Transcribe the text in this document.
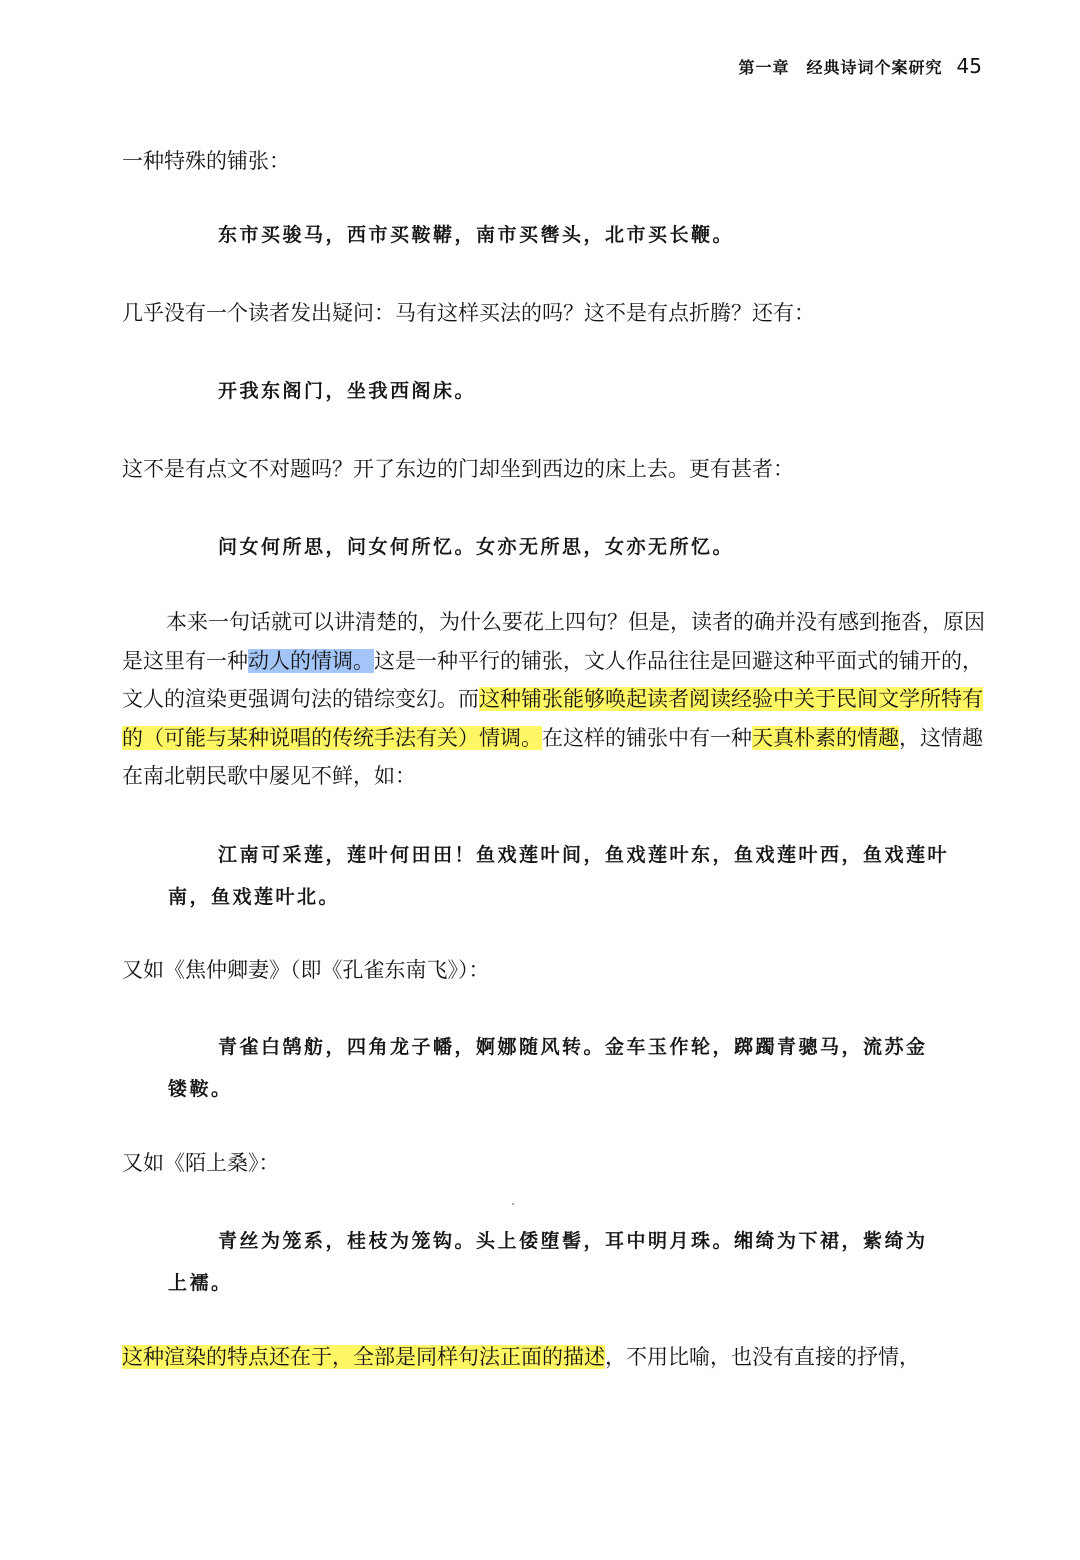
第一章　经典诗词个案研究 45
一种特殊的铺张：
东市买骏马，西市买鞍鞯，南市买辔头，北市买长鞭。
几乎没有一个读者发出疑问：马有这样买法的吗？这不是有点折腾？还有：
开我东阁门，坐我西阁床。
这不是有点文不对题吗？开了东边的门却坐到西边的床上去。更有甚者：
问女何所思，问女何所忆。女亦无所思，女亦无所忆。
本来一句话就可以讲清楚的，为什么要花上四句？但是，读者的确并没有感到拖沓，原因是这里有一种动人的情调。这是一种平行的铺张，文人作品往往是回避这种平面式的铺开的，文人的渲染更强调句法的错综变幻。而这种铺张能够唤起读者阅读经验中关于民间文学所特有的（可能与某种说唱的传统手法有关）情调。在这样的铺张中有一种天真朴素的情趣，这情趣在南北朝民歌中屡见不鲜，如：
江南可采莲，莲叶何田田！鱼戏莲叶间，鱼戏莲叶东，鱼戏莲叶西，鱼戏莲叶
南，鱼戏莲叶北。
又如《焦仲卿妻》（即《孔雀东南飞》）：
青雀白鹄舫，四角龙子幡，婀娜随风转。金车玉作轮，踯躅青骢马，流苏金
镂鞍。
又如《陌上桑》：
青丝为笼系，桂枝为笼钩。头上倭堕髻，耳中明月珠。缃绮为下裙，紫绮为
上襦。
这种渲染的特点还在于，全部是同样句法正面的描述，不用比喻，也没有直接的抒情，
